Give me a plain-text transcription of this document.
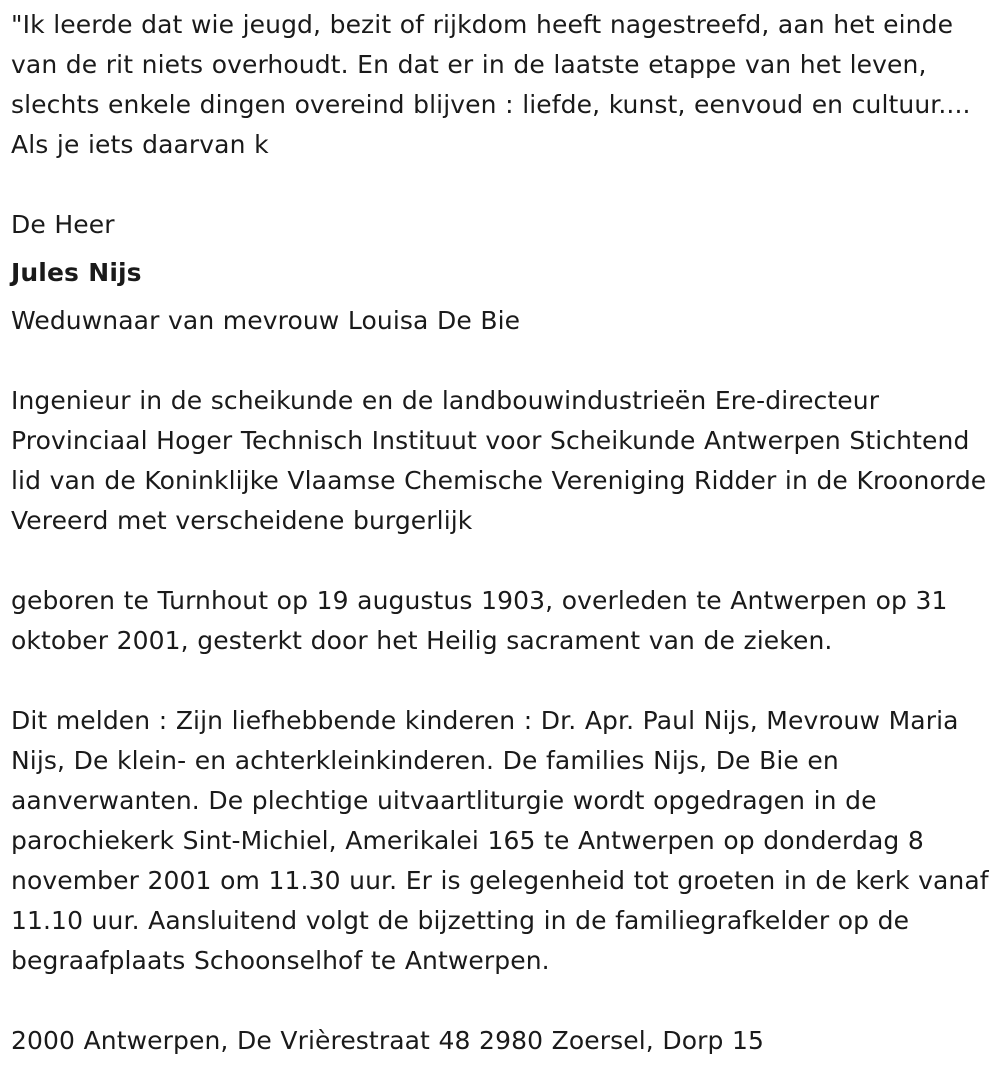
"Ik leerde dat wie jeugd, bezit of rijkdom heeft nagestreefd, aan het einde van de rit niets overhoudt. En dat er in de laatste etappe van het leven, slechts enkele dingen overeind blijven : liefde, kunst, eenvoud en cultuur.... Als je iets daarvan k

De Heer

Jules Nijs

Weduwnaar van mevrouw Louisa De Bie

Ingenieur in de scheikunde en de landbouwindustrieën Ere-directeur Provinciaal Hoger Technisch Instituut voor Scheikunde Antwerpen Stichtend lid van de Koninklijke Vlaamse Chemische Vereniging Ridder in de Kroonorde Vereerd met verscheidene burgerlijk

geboren te Turnhout op 19 augustus 1903, overleden te Antwerpen op 31 oktober 2001, gesterkt door het Heilig sacrament van de zieken.

Dit melden : Zijn liefhebbende kinderen : Dr. Apr. Paul Nijs, Mevrouw Maria Nijs, De klein- en achterkleinkinderen. De families Nijs, De Bie en aanverwanten. De plechtige uitvaartliturgie wordt opgedragen in de parochiekerk Sint-Michiel, Amerikalei 165 te Antwerpen op donderdag 8 november 2001 om 11.30 uur. Er is gelegenheid tot groeten in de kerk vanaf 11.10 uur. Aansluitend volgt de bijzetting in de familiegrafkelder op de begraafplaats Schoonselhof te Antwerpen.

2000 Antwerpen, De Vrièrestraat 48 2980 Zoersel, Dorp 15
